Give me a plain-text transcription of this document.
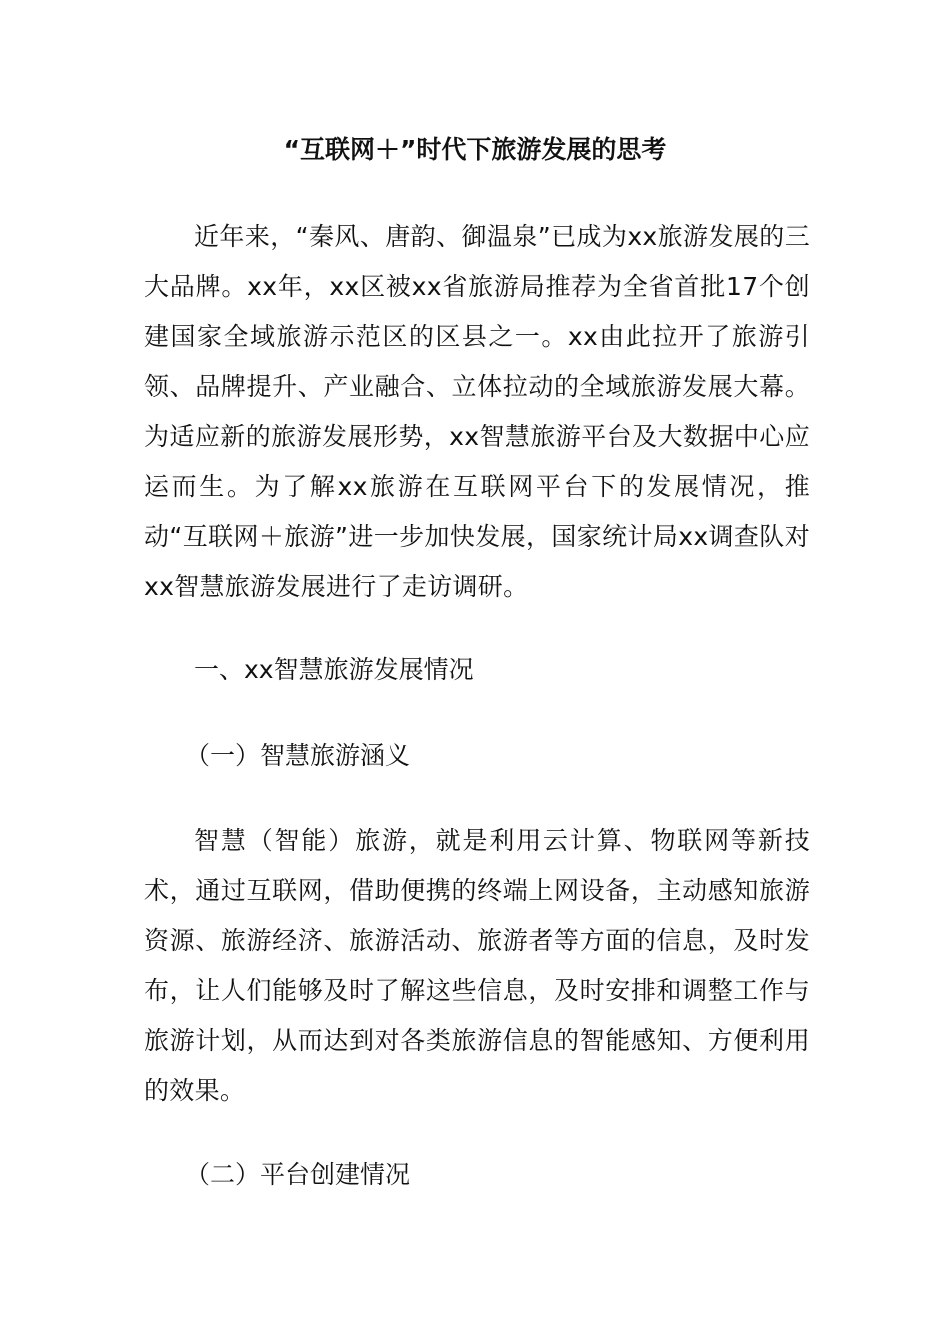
“互联网＋”时代下旅游发展的思考

近年来，“秦风、唐韵、御温泉”已成为xx旅游发展的三大品牌。xx年，xx区被xx省旅游局推荐为全省首批17个创建国家全域旅游示范区的区县之一。xx由此拉开了旅游引领、品牌提升、产业融合、立体拉动的全域旅游发展大幕。为适应新的旅游发展形势，xx智慧旅游平台及大数据中心应运而生。为了解xx旅游在互联网平台下的发展情况，推动“互联网＋旅游”进一步加快发展，国家统计局xx调查队对xx智慧旅游发展进行了走访调研。

一、xx智慧旅游发展情况

（一）智慧旅游涵义

智慧（智能）旅游，就是利用云计算、物联网等新技术，通过互联网，借助便携的终端上网设备，主动感知旅游资源、旅游经济、旅游活动、旅游者等方面的信息，及时发布，让人们能够及时了解这些信息，及时安排和调整工作与旅游计划，从而达到对各类旅游信息的智能感知、方便利用的效果。

（二）平台创建情况
